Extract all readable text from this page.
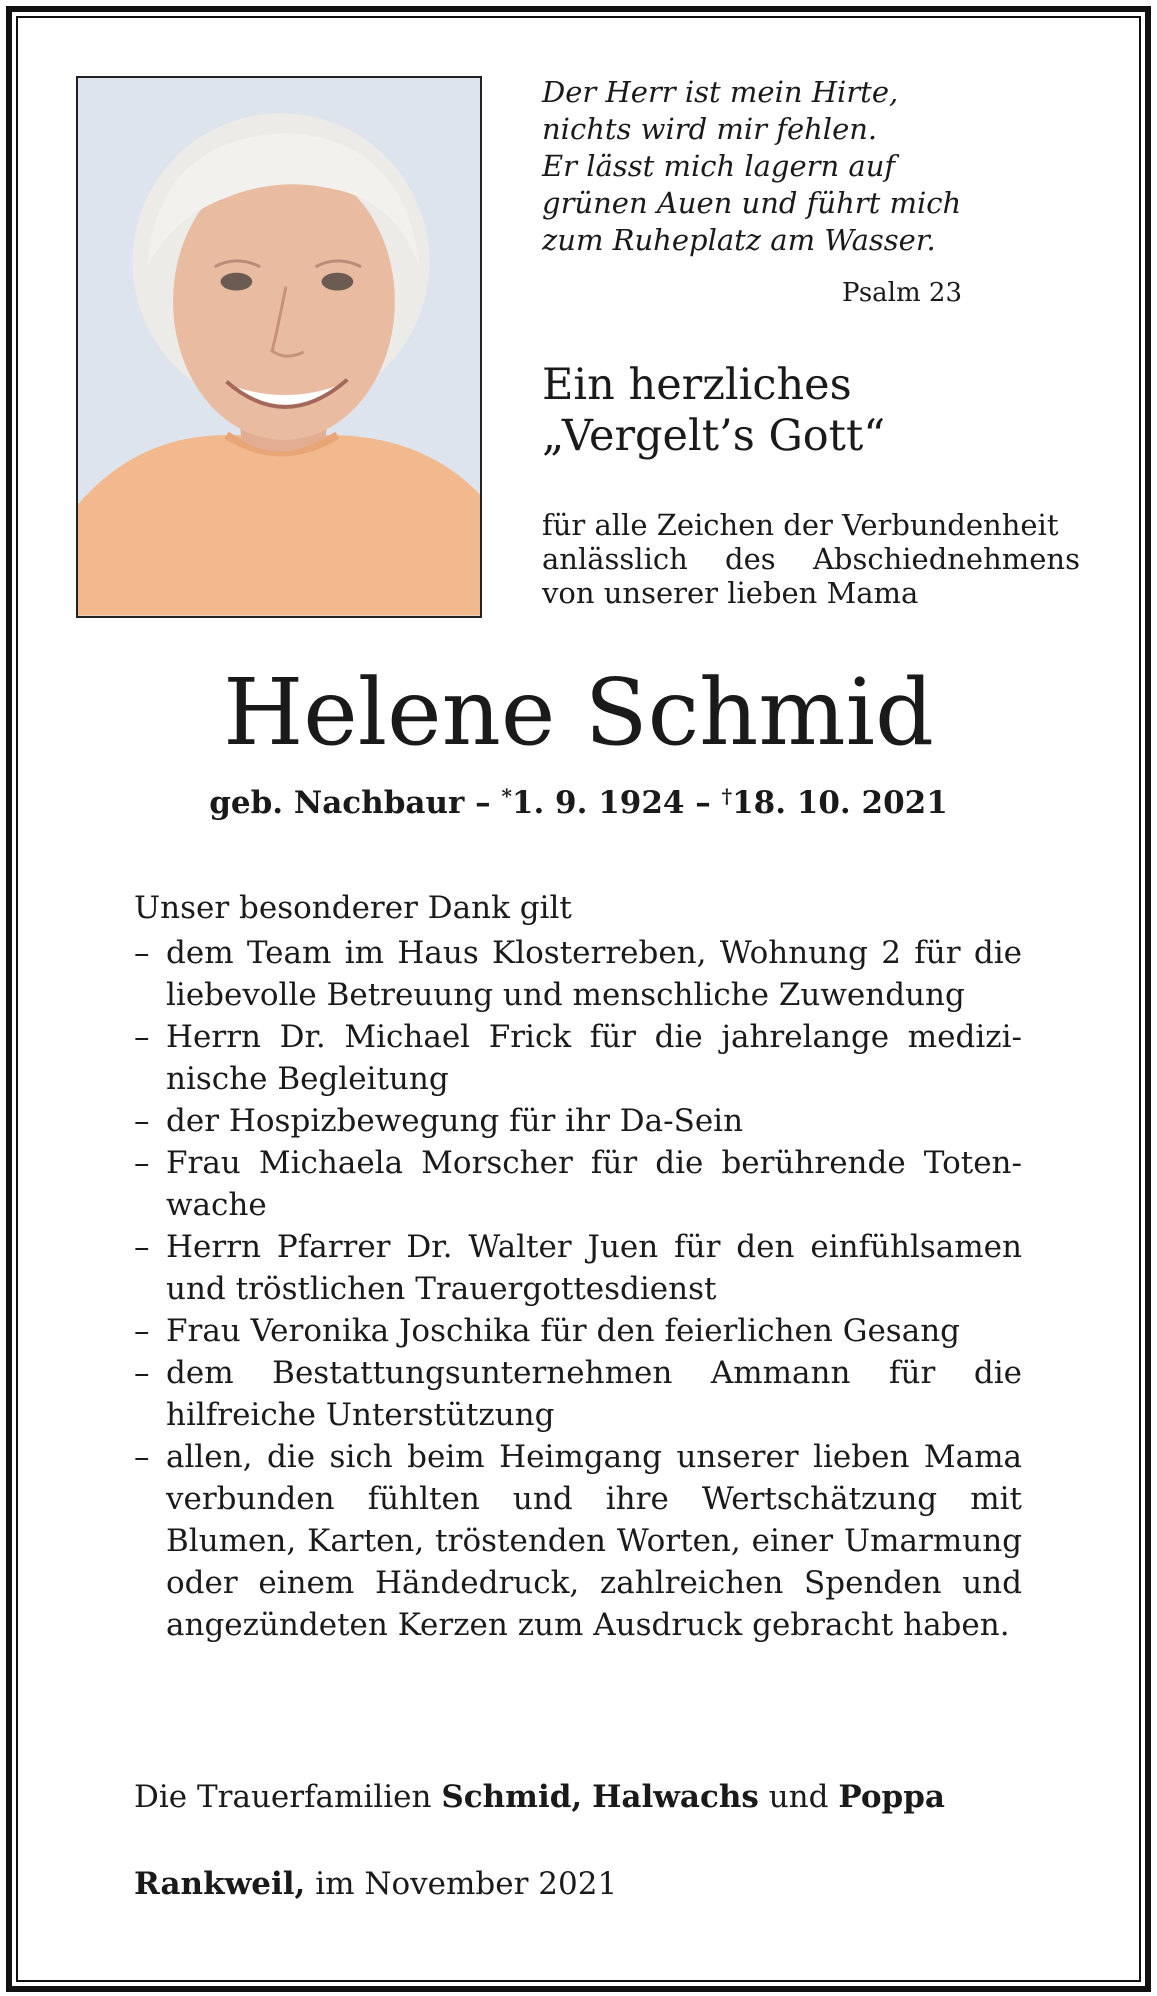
Der Herr ist mein Hirte,
nichts wird mir fehlen.
Er lässt mich lagern auf
grünen Auen und führt mich
zum Ruheplatz am Wasser.
Psalm 23
Ein herzliches
„Vergelt’s Gott“
für alle Zeichen der Verbundenheit
anlässlich des Abschiednehmens
von unserer lieben Mama
Helene Schmid
geb. Nachbaur – *1. 9. 1924 – †18. 10. 2021
Unser besonderer Dank gilt
– dem Team im Haus Klosterreben, Wohnung 2 für die liebevolle Betreuung und menschliche Zuwendung
– Herrn Dr. Michael Frick für die jahrelange medizinische Begleitung
– der Hospizbewegung für ihr Da-Sein
– Frau Michaela Morscher für die berührende Totenwache
– Herrn Pfarrer Dr. Walter Juen für den einfühlsamen und tröstlichen Trauergottesdienst
– Frau Veronika Joschika für den feierlichen Gesang
– dem Bestattungsunternehmen Ammann für die hilfreiche Unterstützung
– allen, die sich beim Heimgang unserer lieben Mama verbunden fühlten und ihre Wertschätzung mit Blumen, Karten, tröstenden Worten, einer Umarmung oder einem Händedruck, zahlreichen Spenden und angezündeten Kerzen zum Ausdruck gebracht haben.
Die Trauerfamilien Schmid, Halwachs und Poppa
Rankweil, im November 2021
